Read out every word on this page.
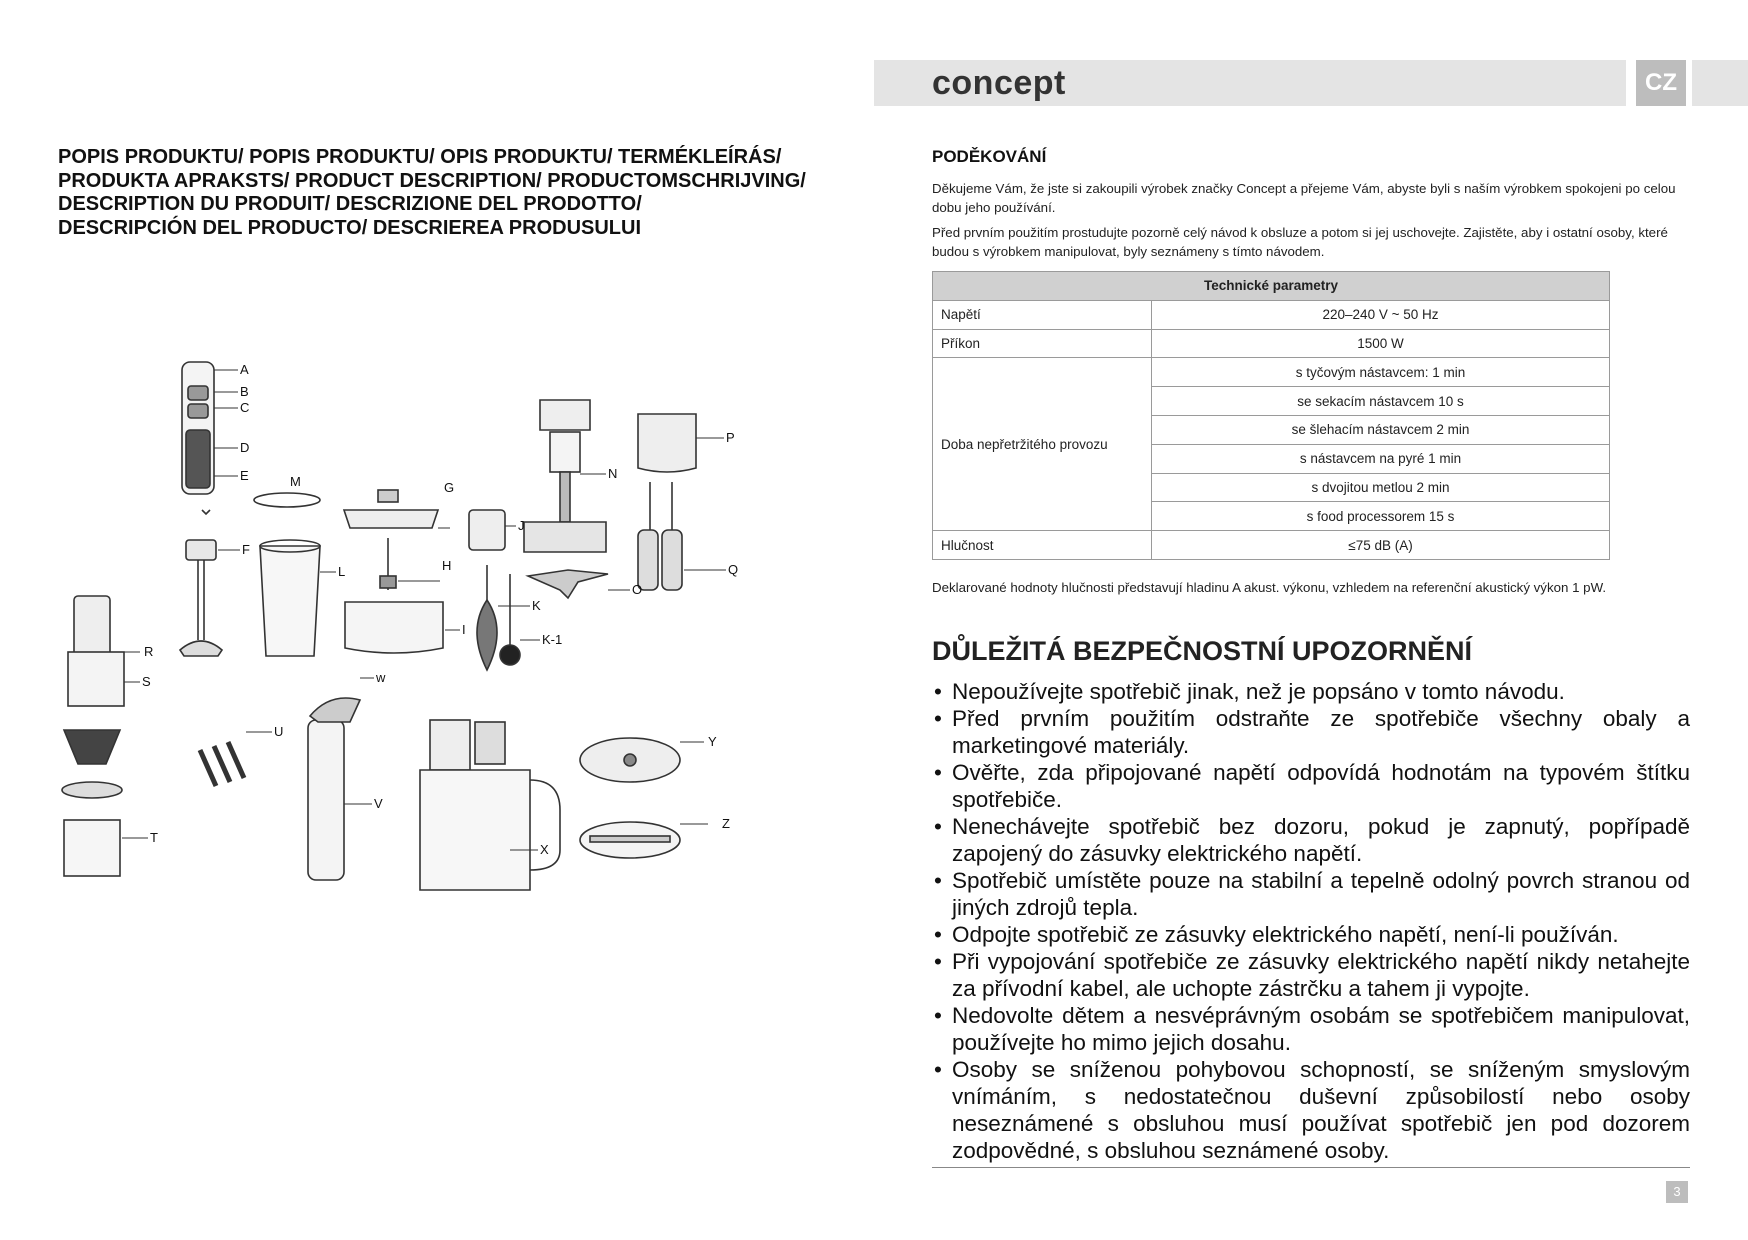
concept	CZ
POPIS PRODUKTU/ POPIS PRODUKTU/ OPIS PRODUKTU/ TERMÉKLEÍRÁS/
PRODUKTA APRAKSTS/ PRODUCT DESCRIPTION/ PRODUCTOMSCHRIJVING/
DESCRIPTION DU PRODUIT/ DESCRIZIONE DEL PRODOTTO/
DESCRIPCIÓN DEL PRODUCTO/ DESCRIEREA PRODUSULUI
A
B
C
D
E
F
M
L
G
H
I
J
K
K-1
N
O
P
Q
R
S
T
U
V
w
X
Y
Z
PODĚKOVÁNÍ
Děkujeme Vám, že jste si zakoupili výrobek značky Concept a přejeme Vám, abyste byli s naším výrobkem spokojeni po celou dobu jeho používání.
Před prvním použitím prostudujte pozorně celý návod k obsluze a potom si jej uschovejte. Zajistěte, aby i ostatní osoby, které budou s výrobkem manipulovat, byly seznámeny s tímto návodem.
Technické parametry	
Napětí	220–240 V ~ 50 Hz
Příkon	1500 W
Doba nepřetržitého provozu	s tyčovým nástavcem: 1 min
	se sekacím nástavcem 10 s
	se šlehacím nástavcem 2 min
	s nástavcem na pyré 1 min
	s dvojitou metlou 2 min
	s food processorem 15 s
Hlučnost	≤75 dB (A)
Deklarované hodnoty hlučnosti představují hladinu A akust. výkonu, vzhledem na referenční akustický výkon 1 pW.
DŮLEŽITÁ BEZPEČNOSTNÍ UPOZORNĚNÍ
• Nepoužívejte spotřebič jinak, než je popsáno v tomto návodu.
• Před prvním použitím odstraňte ze spotřebiče všechny obaly a marketingové materiály.
• Ověřte, zda připojované napětí odpovídá hodnotám na typovém štítku spotřebiče.
• Nenechávejte spotřebič bez dozoru, pokud je zapnutý, popřípadě zapojený do zásuvky elektrického napětí.
• Spotřebič umístěte pouze na stabilní a tepelně odolný povrch stranou od jiných zdrojů tepla.
• Odpojte spotřebič ze zásuvky elektrického napětí, není-li používán.
• Při vypojování spotřebiče ze zásuvky elektrického napětí nikdy netahejte za přívodní kabel, ale uchopte zástrčku a tahem ji vypojte.
• Nedovolte dětem a nesvéprávným osobám se spotřebičem manipulovat, používejte ho mimo jejich dosahu.
• Osoby se sníženou pohybovou schopností, se sníženým smyslovým vnímáním, s nedostatečnou duševní způsobilostí nebo osoby neseznámené s obsluhou musí používat spotřebič jen pod dozorem zodpovědné, s obsluhou seznámené osoby.
3
